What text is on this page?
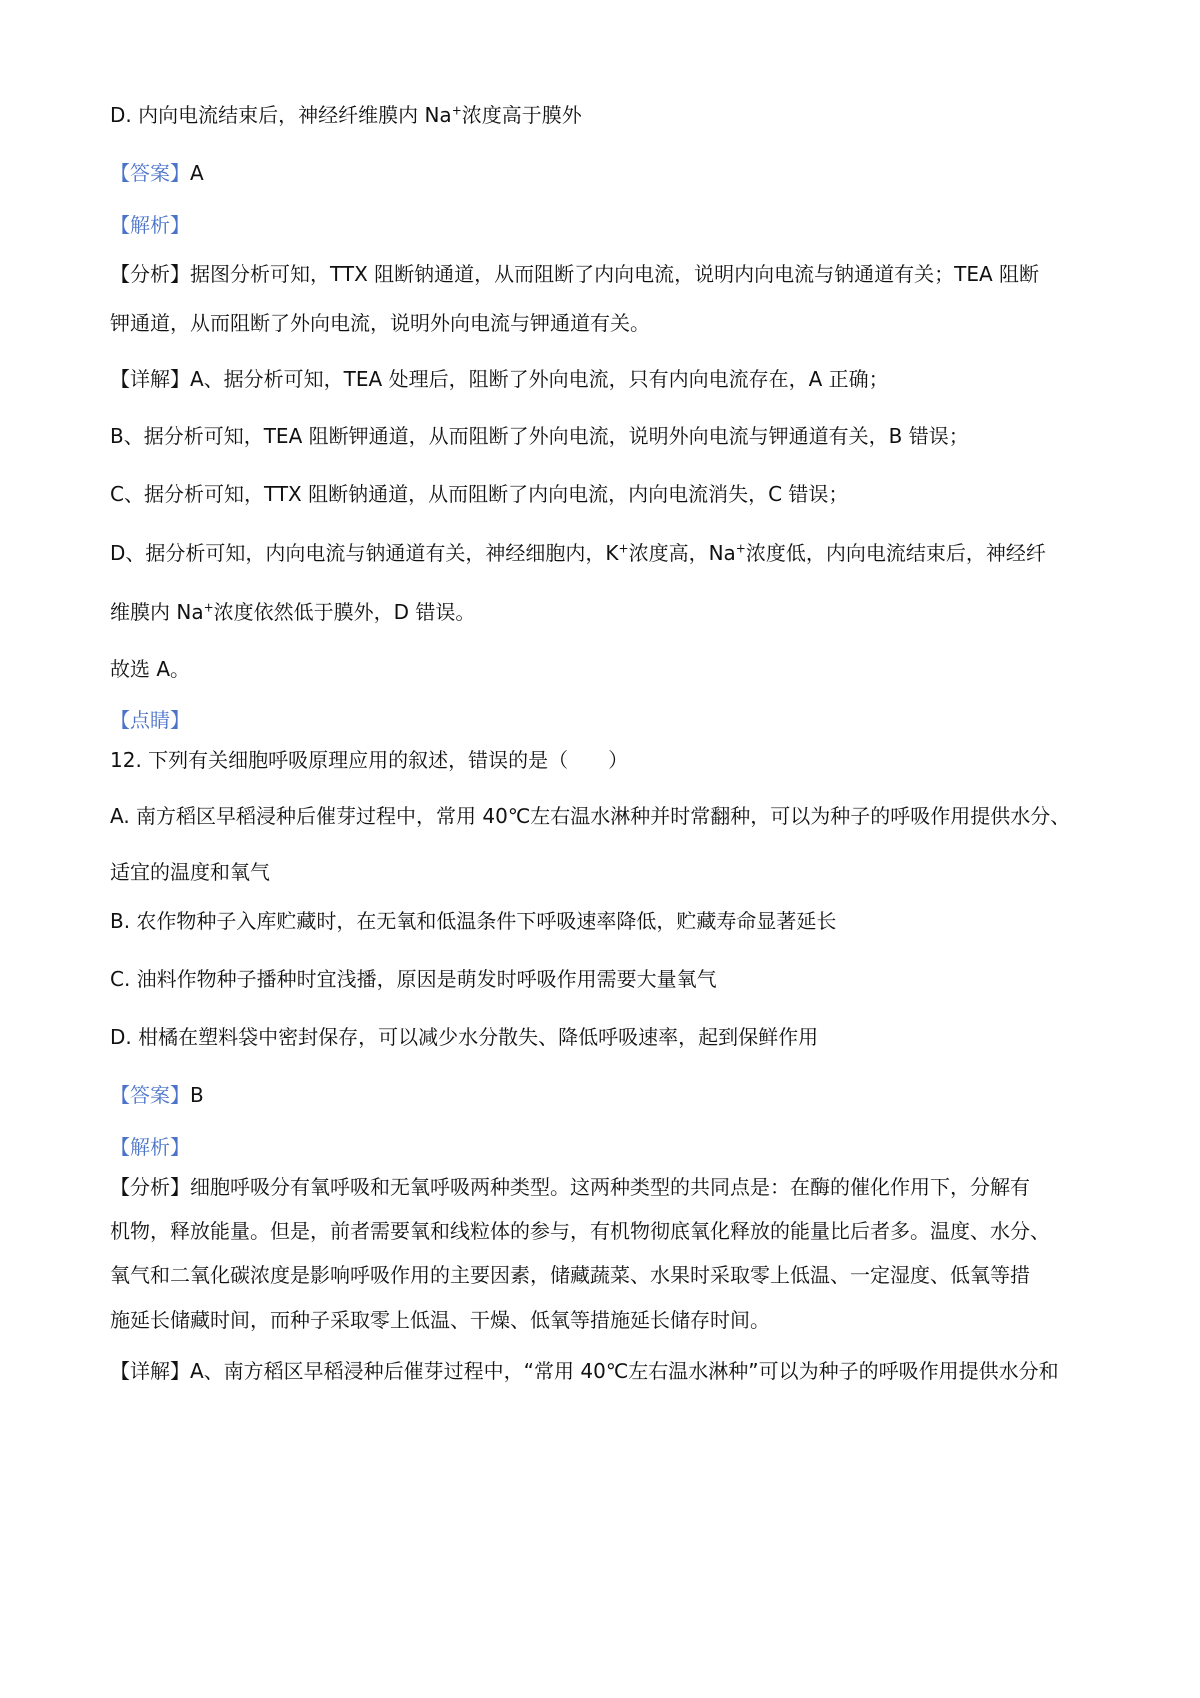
D. 内向电流结束后，神经纤维膜内 Na+浓度高于膜外

【答案】A

【解析】

【分析】据图分析可知，TTX 阻断钠通道，从而阻断了内向电流，说明内向电流与钠通道有关；TEA 阻断

钾通道，从而阻断了外向电流，说明外向电流与钾通道有关。

【详解】A、据分析可知，TEA 处理后，阻断了外向电流，只有内向电流存在，A 正确；

B、据分析可知，TEA 阻断钾通道，从而阻断了外向电流，说明外向电流与钾通道有关，B 错误；

C、据分析可知，TTX 阻断钠通道，从而阻断了内向电流，内向电流消失，C 错误；

D、据分析可知，内向电流与钠通道有关，神经细胞内，K+浓度高，Na+浓度低，内向电流结束后，神经纤

维膜内 Na+浓度依然低于膜外，D 错误。

故选 A。

【点睛】

12. 下列有关细胞呼吸原理应用的叙述，错误的是（　　）

A. 南方稻区早稻浸种后催芽过程中，常用 40℃左右温水淋种并时常翻种，可以为种子的呼吸作用提供水分、

适宜的温度和氧气

B. 农作物种子入库贮藏时，在无氧和低温条件下呼吸速率降低，贮藏寿命显著延长

C. 油料作物种子播种时宜浅播，原因是萌发时呼吸作用需要大量氧气

D. 柑橘在塑料袋中密封保存，可以减少水分散失、降低呼吸速率，起到保鲜作用

【答案】B

【解析】

【分析】细胞呼吸分有氧呼吸和无氧呼吸两种类型。这两种类型的共同点是：在酶的催化作用下，分解有

机物，释放能量。但是，前者需要氧和线粒体的参与，有机物彻底氧化释放的能量比后者多。温度、水分、

氧气和二氧化碳浓度是影响呼吸作用的主要因素，储藏蔬菜、水果时采取零上低温、一定湿度、低氧等措

施延长储藏时间，而种子采取零上低温、干燥、低氧等措施延长储存时间。

【详解】A、南方稻区早稻浸种后催芽过程中，“常用 40℃左右温水淋种”可以为种子的呼吸作用提供水分和
